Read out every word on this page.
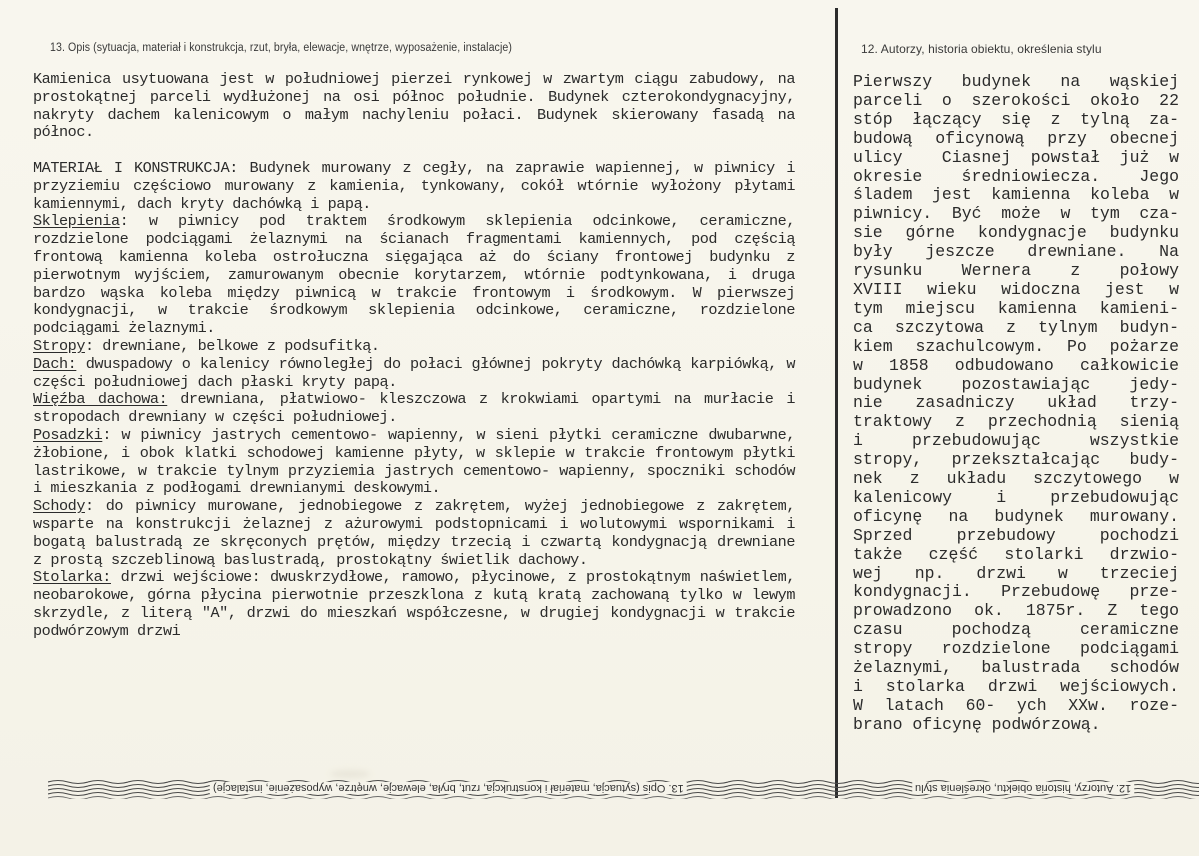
13. Opis (sytuacja, materiał i konstrukcja, rzut, bryła, elewacje, wnętrze, wyposażenie, instalacje)

Kamienica usytuowana jest w południowej pierzei rynkowej w zwartym ciągu zabudowy, na prostokątnej parceli wydłużonej na osi północ południe. Budynek czterokondygnacyjny, nakryty dachem kalenicowym o małym nachyleniu połaci. Budynek skierowany fasadą na północ.

MATERIAŁ I KONSTRUKCJA: Budynek murowany z cegły, na zaprawie wapiennej, w piwnicy i przyziemiu częściowo murowany z kamienia, tynkowany, cokół wtórnie wyłożony płytami kamiennymi, dach kryty dachówką i papą.

Sklepienia: w piwnicy pod traktem środkowym sklepienia odcinkowe, ceramiczne, rozdzielone podciągami żelaznymi na ścianach fragmentami kamiennych, pod częścią frontową kamienna koleba ostrołuczna sięgająca aż do ściany frontowej budynku z pierwotnym wyjściem, zamurowanym obecnie korytarzem, wtórnie podtynkowana, i druga bardzo wąska koleba między piwnicą w trakcie frontowym i środkowym. W pierwszej kondygnacji, w trakcie środkowym sklepienia odcinkowe, ceramiczne, rozdzielone podciągami żelaznymi.

Stropy: drewniane, belkowe z podsufitką.

Dach: dwuspadowy o kalenicy równoległej do połaci głównej pokryty dachówką karpiówką, w części południowej dach płaski kryty papą.

Więźba dachowa: drewniana, płatwiowo- kleszczowa z krokwiami opartymi na murłacie i stropodach drewniany w części południowej.

Posadzki: w piwnicy jastrych cementowo- wapienny, w sieni płytki ceramiczne dwubarwne, żłobione, i obok klatki schodowej kamienne płyty, w sklepie w trakcie frontowym płytki lastrikowe, w trakcie tylnym przyziemia jastrych cementowo- wapienny, spoczniki schodów i mieszkania z podłogami drewnianymi deskowymi.

Schody: do piwnicy murowane, jednobiegowe z zakrętem, wyżej jednobiegowe z zakrętem, wsparte na konstrukcji żelaznej z ażurowymi podstopnicami i wolutowymi wspornikami i bogatą balustradą ze skręconych prętów, między trzecią i czwartą kondygnacją drewniane z prostą szczeblinową baslustradą, prostokątny świetlik dachowy.

Stolarka: drzwi wejściowe: dwuskrzydłowe, ramowo, płycinowe, z prostokątnym naświetlem, neobarokowe, górna płycina pierwotnie przeszklona z kutą kratą zachowaną tylko w lewym skrzydle, z literą "A", drzwi do mieszkań współczesne, w drugiej kondygnacji w trakcie podwórzowym drzwi

12. Autorzy, historia obiektu, określenia stylu
Pierwszy budynek na wąskiej
parceli o szerokości około 22
stóp łączący się z tylną za-
budową oficynową przy obecnej
ulicy  Ciasnej powstał już w
okresie średniowiecza. Jego
śladem jest kamienna koleba w
piwnicy. Być może w tym cza-
sie górne kondygnacje budynku
były jeszcze drewniane. Na
rysunku Wernera z połowy
XVIII wieku widoczna jest w
tym miejscu kamienna kamieni-
ca szczytowa z tylnym budyn-
kiem szachulcowym. Po pożarze
w 1858 odbudowano całkowicie
budynek pozostawiając jedy-
nie zasadniczy układ trzy-
traktowy z przechodnią sienią
i przebudowując wszystkie
stropy, przekształcając budy-
nek z układu szczytowego w
kalenicowy i przebudowując
oficynę na budynek murowany.
Sprzed przebudowy pochodzi
także część stolarki drzwio-
wej np. drzwi w trzeciej
kondygnacji. Przebudowę prze-
prowadzono ok. 1875r. Z tego
czasu pochodzą ceramiczne
stropy rozdzielone podciągami
żelaznymi, balustrada schodów
i stolarka drzwi wejściowych.
W latach 60- ych XXw. roze-
brano oficynę podwórzową.
13. Opis (sytuacja, materiał i konstrukcja, rzut, bryła, elewacje, wnętrze, wyposażenie, instalacje)	12. Autorzy, historia obiektu, określenia stylu
